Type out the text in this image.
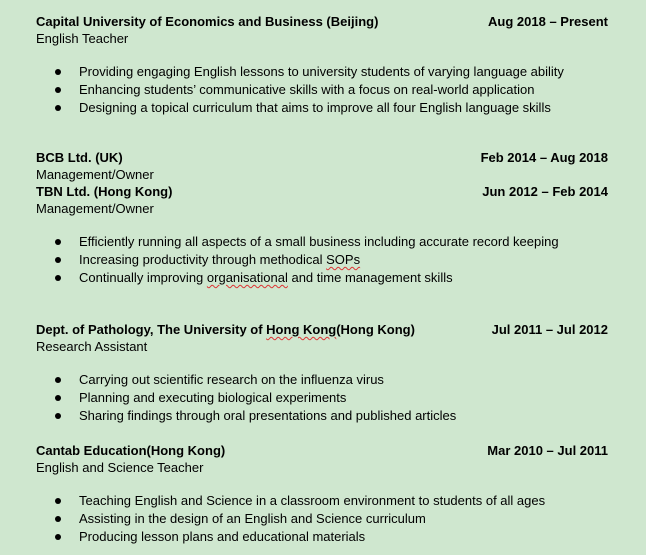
Capital University of Economics and Business (Beijing)	Aug 2018 – Present
English Teacher
Providing engaging English lessons to university students of varying language ability
Enhancing students’ communicative skills with a focus on real-world application
Designing a topical curriculum that aims to improve all four English language skills
BCB Ltd. (UK)	Feb 2014 – Aug 2018
Management/Owner
TBN Ltd. (Hong Kong)	Jun 2012 – Feb 2014
Management/Owner
Efficiently running all aspects of a small business including accurate record keeping
Increasing productivity through methodical SOPs
Continually improving organisational and time management skills
Dept. of Pathology, The University of Hong Kong(Hong Kong)	Jul 2011 – Jul 2012
Research Assistant
Carrying out scientific research on the influenza virus
Planning and executing biological experiments
Sharing findings through oral presentations and published articles
Cantab Education(Hong Kong)	Mar 2010 – Jul 2011
English and Science Teacher
Teaching English and Science in a classroom environment to students of all ages
Assisting in the design of an English and Science curriculum
Producing lesson plans and educational materials
